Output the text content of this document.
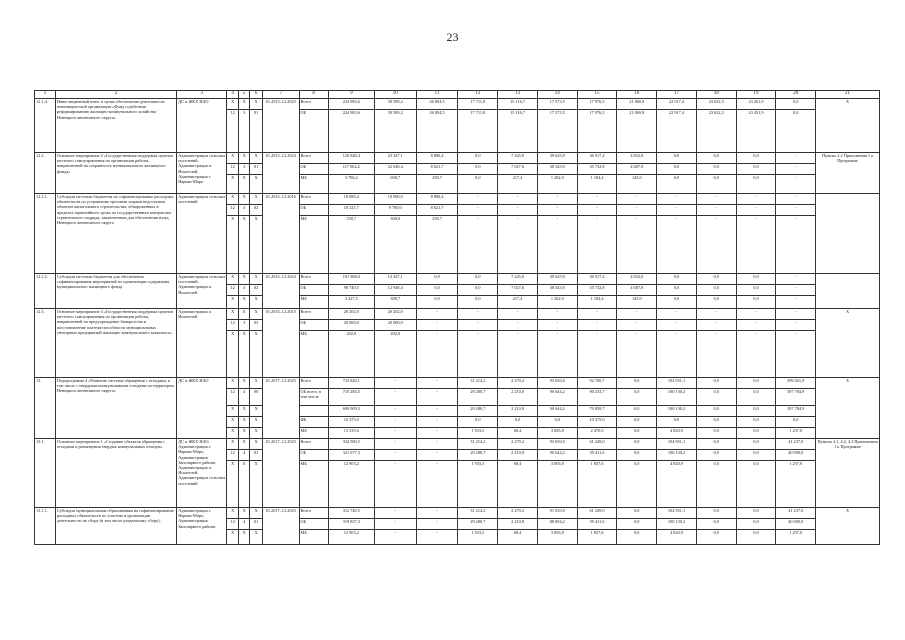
23
1	2	3	4	5	6	7	8	9	10	11	12	13	14	15	16	17	18	19	20	21
12.1.4.	Инвестиционный взнос в целях обеспечения деятельности некоммерческой организации «Фонд содействия реформированию жилищно-коммунального хозяйства Ненецкого автономного округа»	ДС и ЖКХ НАО	X	X	X	01.2015–12.2025	Всего	224 983,6	39 589,2	26 894,5	17 711,8	15 116,7	17 573,5	17 976,5	21 069,8	22 917,4	23 652,3	23 451,9	0,0	X
			12	3	01		ОБ	224 983,6	39 589,2	26 894,5	17 711,8	15 116,7	17 573,5	17 976,5	21 069,8	22 917,4	23 652,3	23 451,9	0,0	
12.2.	Основное мероприятие 2 «Государственная поддержка органов местного самоуправления по организации работы, направленной на сохранность муниципального жилищного фонда»	Администрации сельских поселений, Администрация п. Искателей, Администрация г. Нарьян-Мара	X	X	X	01.2015–12.2024	Всего	120 848,4	23 347,1	8 880,4	0,0	7 245,0	39 625,9	36 917,2	4 832,8	0,0	0,0	0,0	-	Пункты 2.2 Приложения 1 к Программе
			12	3	01		ОБ	117 062,2	22 648,4	8 621,7	0,0	7 027,6	38 343,9	35 732,8	4 687,8	0,0	0,0	0,0	-	
			X	X	X		МБ	3 786,2	698,7	258,7	0,0	217,4	1 282,0	1 184,4	145,0	0,0	0,0	0,0	-	
12.2.1.	Субсидии местным бюджетам на софинансирование расходных обязательств по устранению третьими лицами недостатков объектов капитального строительства, обнаруженных в пределах гарантийного срока по государственным контрактам строительного подряда, заключенным для обеспечения нужд Ненецкого автономного округа	Администрации сельских поселений	X	X	X	01.2015–12.2016	Всего	18 880,4	10 000,0	8 880,4	-	-	-	-	-	-	-	-	-	
			12	3	02		ОБ	18 321,7	9 700,0	8 621,7	-	-	-	-	-	-	-	-	-	
			X	X	X		МБ	558,7	300,0	258,7	-	-	-	-	-	-	-	-	-	
12.2.2.	Субсидии местным бюджетам для обеспечения софинансирования мероприятий по организации содержания муниципального жилищного фонда	Администрации сельских поселений, Администрация п. Искателей	X	X	X	01.2015–12.2024	Всего	101 968,0	13 347,1	0,0	0,0	7 245,0	39 625,9	36 917,2	4 832,8	0,0	0,0	0,0	-	
			12	3	02		ОБ	98 740,5	12 948,4	0,0	0,0	7 027,6	38 343,9	35 732,8	4 687,8	0,0	0,0	0,0	-	
			X	X	X		МБ	3 227,5	398,7	0,0	0,0	217,4	1 282,0	1 184,4	145,0	0,0	0,0	0,0	-	
12.3.	Основное мероприятие 3 «Государственная поддержка органов местного самоуправления по организации работы, направленной на предупреждение банкротства и восстановление платежеспособности муниципальных унитарных предприятий жилищно-коммунального комплекса»	Администрация п. Искателей	X	X	X	01.2015–12.2015	Всего	20 202,0	20 202,0	-	-	-	-	-	-	-	-	-	-	X
			12	3	03		ОБ	20 000,0	20 000,0	-	-	-	-	-	-	-	-	-	-	
			X	X	X		МБ	202,0	202,0	-	-	-	-	-	-	-	-	-	-	
13.	Подпрограмма 4 «Развитие системы обращения с отходами, в том числе с твердыми коммунальными отходами на территории Ненецкого автономного округа»	ДС и ЖКХ НАО	X	X	X	01.2017–12.2025	Всего	723 820,1	-	-	31 214,2	2 279,2	93 650,0	92 700,7	0,0	104 951,1	0,0	0,0	399 021,9	X
			12	4	00		ОБ всего, в том числе	710 284,5	-	-	29 280,7	2 210,8	90 644,2	90 233,7	0,0	100 130,2	0,0	0,0	397 784,9	
			X	X	X			699 909,5	-	-	29 280,7	2 210,8	90 644,2	79 858,7	0,0	100 130,2	0,0	0,0	397 784,9	
			X	X	X		ФБ	10 375,0	-	-	0,0	0,0	0,0	10 375,0	0,0	0,0	0,0	0,0	0,0	
			X	X	X		МБ	13 535,6	-	-	1 933,5	68,4	3 005,8	2 470,0	0,0	4 820,9	0,0	0,0	1 237,0	
13.1.	Основное мероприятие 1 «Создание объектов обращения с отходами и размещения твердых коммунальных отходов»	ДС и ЖКХ НАО, Администрация г. Нарьян-Мара, Администрация Заполярного района, Администрация п. Искателей, Администрации сельских поселений	X	X	X	01.2017–12.2025	Всего	334 580,5	-	-	31 214,2	2 279,2	93 650,0	61 249,0	0,0	104 951,1	0,0	0,0	41 237,0	Пункты 4.1, 4.2, 4.3 Приложения 1 к Программе
			12	4	01		ОБ	321 677,3	-	-	29 280,7	2 210,8	90 644,2	59 411,6	0,0	100 130,2	0,0	0,0	40 000,0	
			X	X	X		МБ	12 903,2	-	-	1 933,5	68,4	3 005,8	1 837,6	0,0	4 820,9	0,0	0,0	1 237,0	
13.1.1.	Субсидии муниципальным образованиям на софинансирование расходных обязательств по участию в организации деятельности по сбору (в том числе раздельному сбору),	Администрация г. Нарьян-Мара, Администрация Заполярного района,	X	X	X	01.2017–12.2025	Всего	312 740,5	-	-	31 214,2	2 279,2	91 810,0	61 249,0	0,0	104 951,1	0,0	0,0	41 237,0	X
			12	4	01		ОБ	319 837,3	-	-	29 280,7	2 210,8	88 804,2	59 411,6	0,0	100 130,2	0,0	0,0	40 000,0	
			X	X	X		МБ	12 903,2	-	-	1 933,5	68,4	3 005,8	1 837,6	0,0	4 820,9	0,0	0,0	1 237,0	
